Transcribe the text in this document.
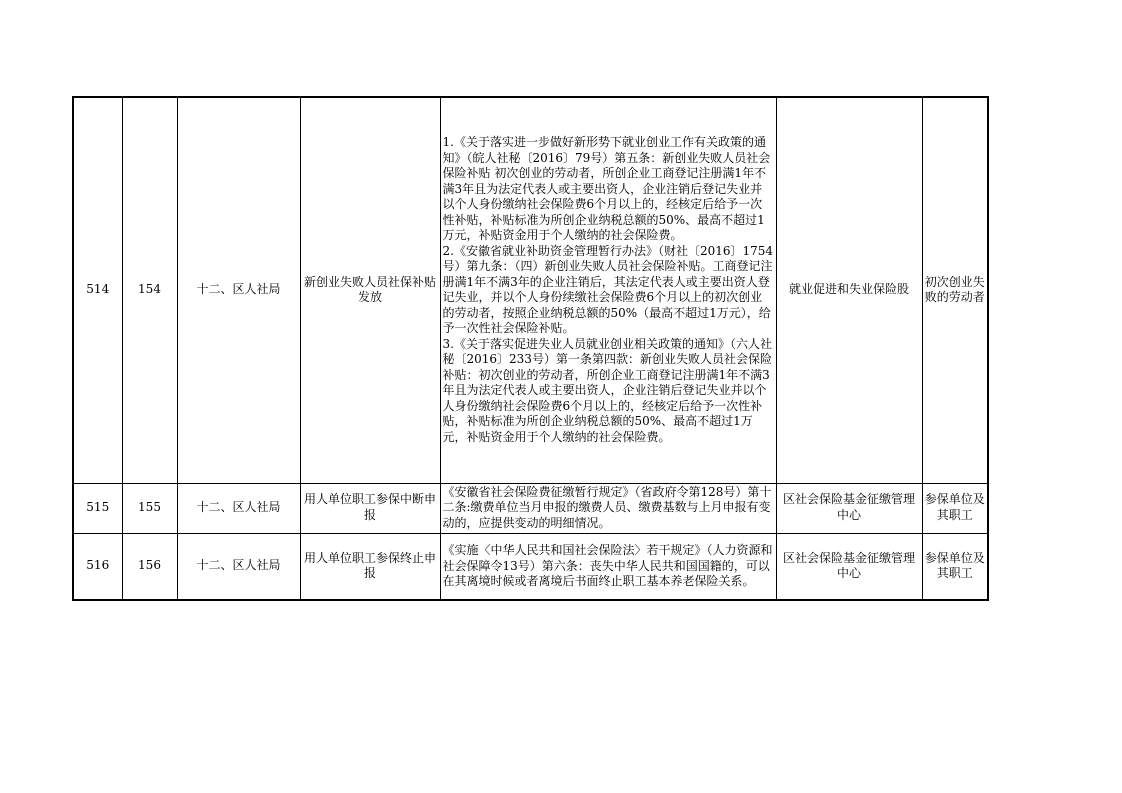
514	154	十二、区人社局	新创业失败人员社保补贴发放	1.《关于落实进一步做好新形势下就业创业工作有关政策的通知》（皖人社秘〔2016〕79号）第五条：新创业失败人员社会保险补贴 初次创业的劳动者，所创企业工商登记注册满1年不满3年且为法定代表人或主要出资人，企业注销后登记失业并以个人身份缴纳社会保险费6个月以上的，经核定后给予一次性补贴，补贴标准为所创企业纳税总额的50%、最高不超过1万元，补贴资金用于个人缴纳的社会保险费。
2.《安徽省就业补助资金管理暂行办法》（财社〔2016〕1754号）第九条：（四）新创业失败人员社会保险补贴。工商登记注册满1年不满3年的企业注销后，其法定代表人或主要出资人登记失业，并以个人身份续缴社会保险费6个月以上的初次创业的劳动者，按照企业纳税总额的50%（最高不超过1万元），给予一次性社会保险补贴。
3.《关于落实促进失业人员就业创业相关政策的通知》（六人社秘〔2016〕233号）第一条第四款：新创业失败人员社会保险补贴：初次创业的劳动者，所创企业工商登记注册满1年不满3年且为法定代表人或主要出资人，企业注销后登记失业并以个人身份缴纳社会保险费6个月以上的，经核定后给予一次性补贴，补贴标准为所创企业纳税总额的50%、最高不超过1万元，补贴资金用于个人缴纳的社会保险费。	就业促进和失业保险股	初次创业失败的劳动者
515	155	十二、区人社局	用人单位职工参保中断申报	《安徽省社会保险费征缴暂行规定》（省政府令第128号）第十二条:缴费单位当月申报的缴费人员、缴费基数与上月申报有变动的，应提供变动的明细情况。	区社会保险基金征缴管理中心	参保单位及其职工
516	156	十二、区人社局	用人单位职工参保终止申报	《实施〈中华人民共和国社会保险法〉若干规定》（人力资源和社会保障令13号）第六条：丧失中华人民共和国国籍的，可以在其离境时候或者离境后书面终止职工基本养老保险关系。	区社会保险基金征缴管理中心	参保单位及其职工
